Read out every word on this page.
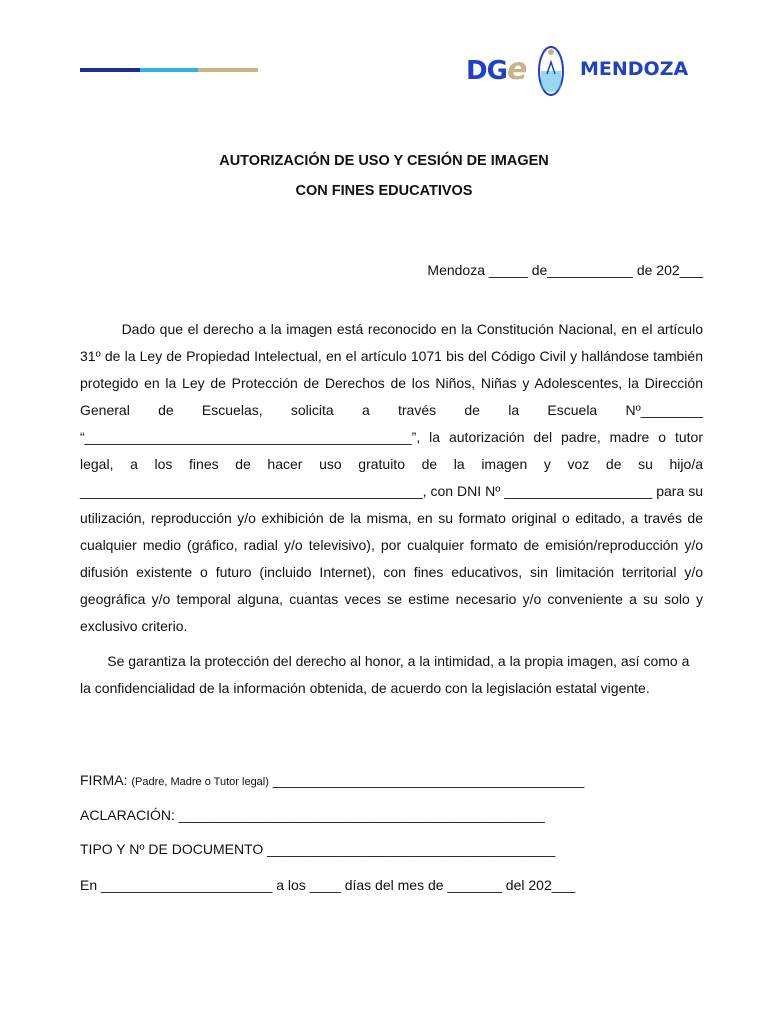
DGe	MENDOZA
AUTORIZACIÓN DE USO Y CESIÓN DE IMAGEN
CON FINES EDUCATIVOS
Mendoza _____ de___________ de 202___

Dado que el derecho a la imagen está reconocido en la Constitución Nacional, en el artículo 31º de la Ley de Propiedad Intelectual, en el artículo 1071 bis del Código Civil y hallándose también protegido en la Ley de Protección de Derechos de los Niños, Niñas y Adolescentes, la Dirección General de Escuelas, solicita a través de la Escuela Nº________ “__________________________________________”, la autorización del padre, madre o tutor legal, a los fines de hacer uso gratuito de la imagen y voz de su hijo/a ____________________________________________, con DNI Nº ___________________ para su utilización, reproducción y/o exhibición de la misma, en su formato original o editado, a través de cualquier medio (gráfico, radial y/o televisivo), por cualquier formato de emisión/reproducción y/o difusión existente o futuro (incluido Internet), con fines educativos, sin limitación territorial y/o geográfica y/o temporal alguna, cuantas veces se estime necesario y/o conveniente a su solo y exclusivo criterio.

Se garantiza la protección del derecho al honor, a la intimidad, a la propia imagen, así como a la confidencialidad de la información obtenida, de acuerdo con la legislación estatal vigente.

FIRMA: (Padre, Madre o Tutor legal) ________________________________________
ACLARACIÓN: _______________________________________________
TIPO Y Nº DE DOCUMENTO _____________________________________
En ______________________ a los ____ días del mes de _______ del 202___
